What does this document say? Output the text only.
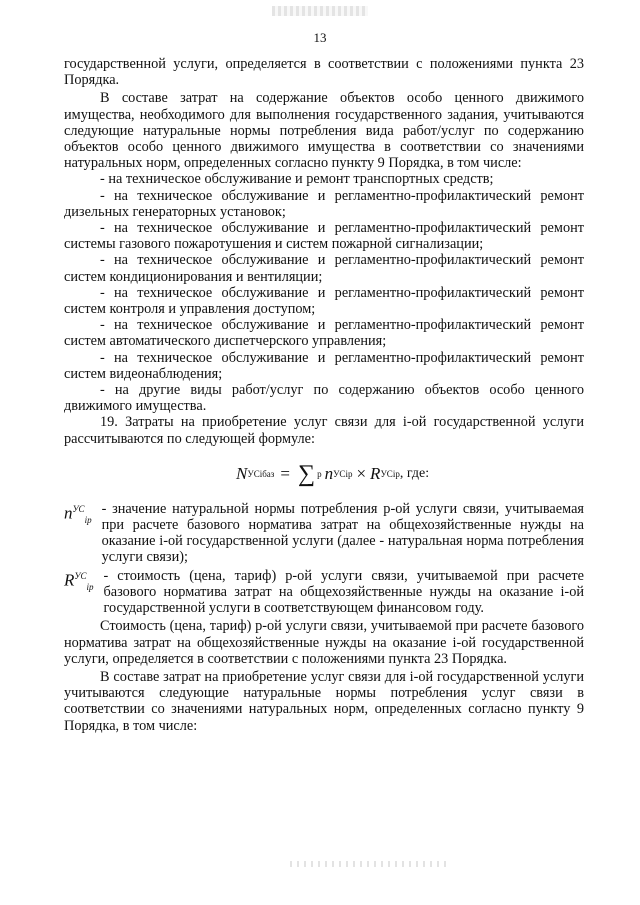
13

государственной услуги, определяется в соответствии с положениями пункта 23 Порядка.

В составе затрат на содержание объектов особо ценного движимого имущества, необходимого для выполнения государственного задания, учитываются следующие натуральные нормы потребления вида работ/услуг по содержанию объектов особо ценного движимого имущества в соответствии со значениями натуральных норм, определенных согласно пункту 9 Порядка, в том числе:

- на техническое обслуживание и ремонт транспортных средств;

- на техническое обслуживание и регламентно-профилактический ремонт дизельных генераторных установок;

- на техническое обслуживание и регламентно-профилактический ремонт системы газового пожаротушения и систем пожарной сигнализации;

- на техническое обслуживание и регламентно-профилактический ремонт систем кондиционирования и вентиляции;

- на техническое обслуживание и регламентно-профилактический ремонт систем контроля и управления доступом;

- на техническое обслуживание и регламентно-профилактический ремонт систем автоматического диспетчерского управления;

- на техническое обслуживание и регламентно-профилактический ремонт систем видеонаблюдения;

- на другие виды работ/услуг по содержанию объектов особо ценного движимого имущества.

19. Затраты на приобретение услуг связи для i-ой государственной услуги рассчитываются по следующей формуле:

N УС iбаз = ∑ p n УС ip × R УС ip , где:
$n^{УС}_{ip}$

- значение натуральной нормы потребления p-ой услуги связи, учитываемая при расчете базового норматива затрат на общехозяйственные нужды на оказание i-ой государственной услуги (далее - натуральная норма потребления услуги связи);

$R^{УС}_{ip}$

- стоимость (цена, тариф) p-ой услуги связи, учитываемой при расчете базового норматива затрат на общехозяйственные нужды на оказание i-ой государственной услуги в соответствующем финансовом году.

Стоимость (цена, тариф) p-ой услуги связи, учитываемой при расчете базового норматива затрат на общехозяйственные нужды на оказание i-ой государственной услуги, определяется в соответствии с положениями пункта 23 Порядка.

В составе затрат на приобретение услуг связи для i-ой государственной услуги учитываются следующие натуральные нормы потребления услуг связи в соответствии со значениями натуральных норм, определенных согласно пункту 9 Порядка, в том числе:
